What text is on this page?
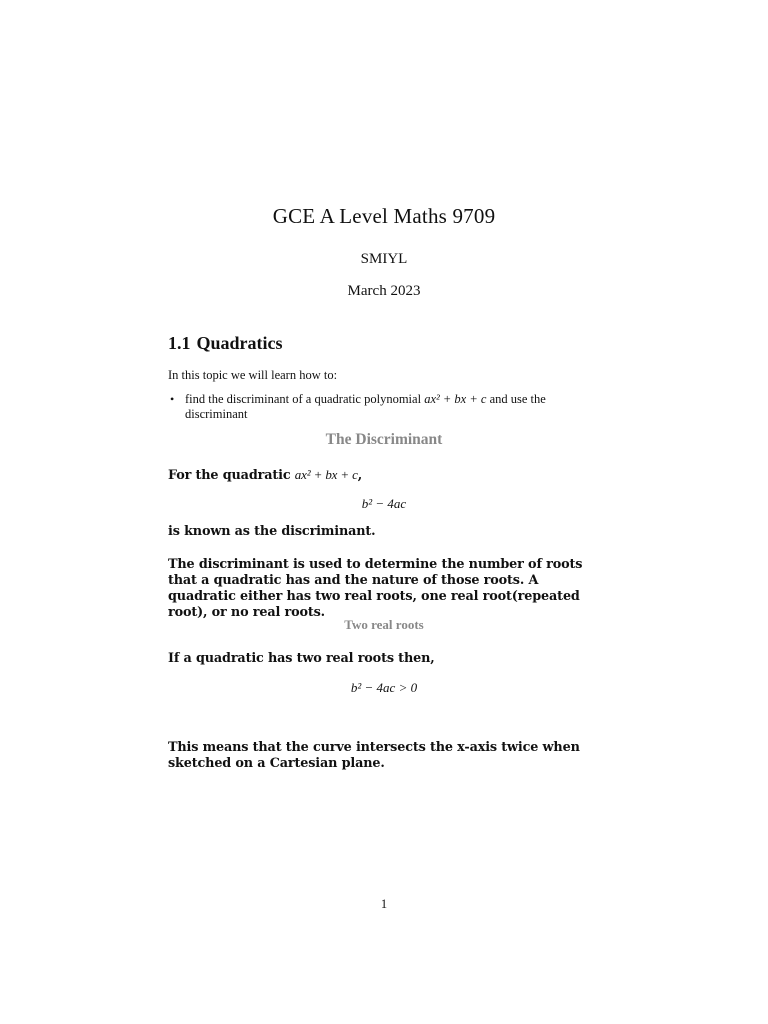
GCE A Level Maths 9709
SMIYL
March 2023
1.1 Quadratics
In this topic we will learn how to:
• find the discriminant of a quadratic polynomial ax² + bx + c and use the discriminant
The Discriminant
For the quadratic ax² + bx + c,
b² − 4ac
is known as the discriminant.
The discriminant is used to determine the number of roots that a quadratic has and the nature of those roots. A quadratic either has two real roots, one real root(repeated root), or no real roots.
Two real roots
If a quadratic has two real roots then,
b² − 4ac > 0
This means that the curve intersects the x-axis twice when sketched on a Cartesian plane.
1
